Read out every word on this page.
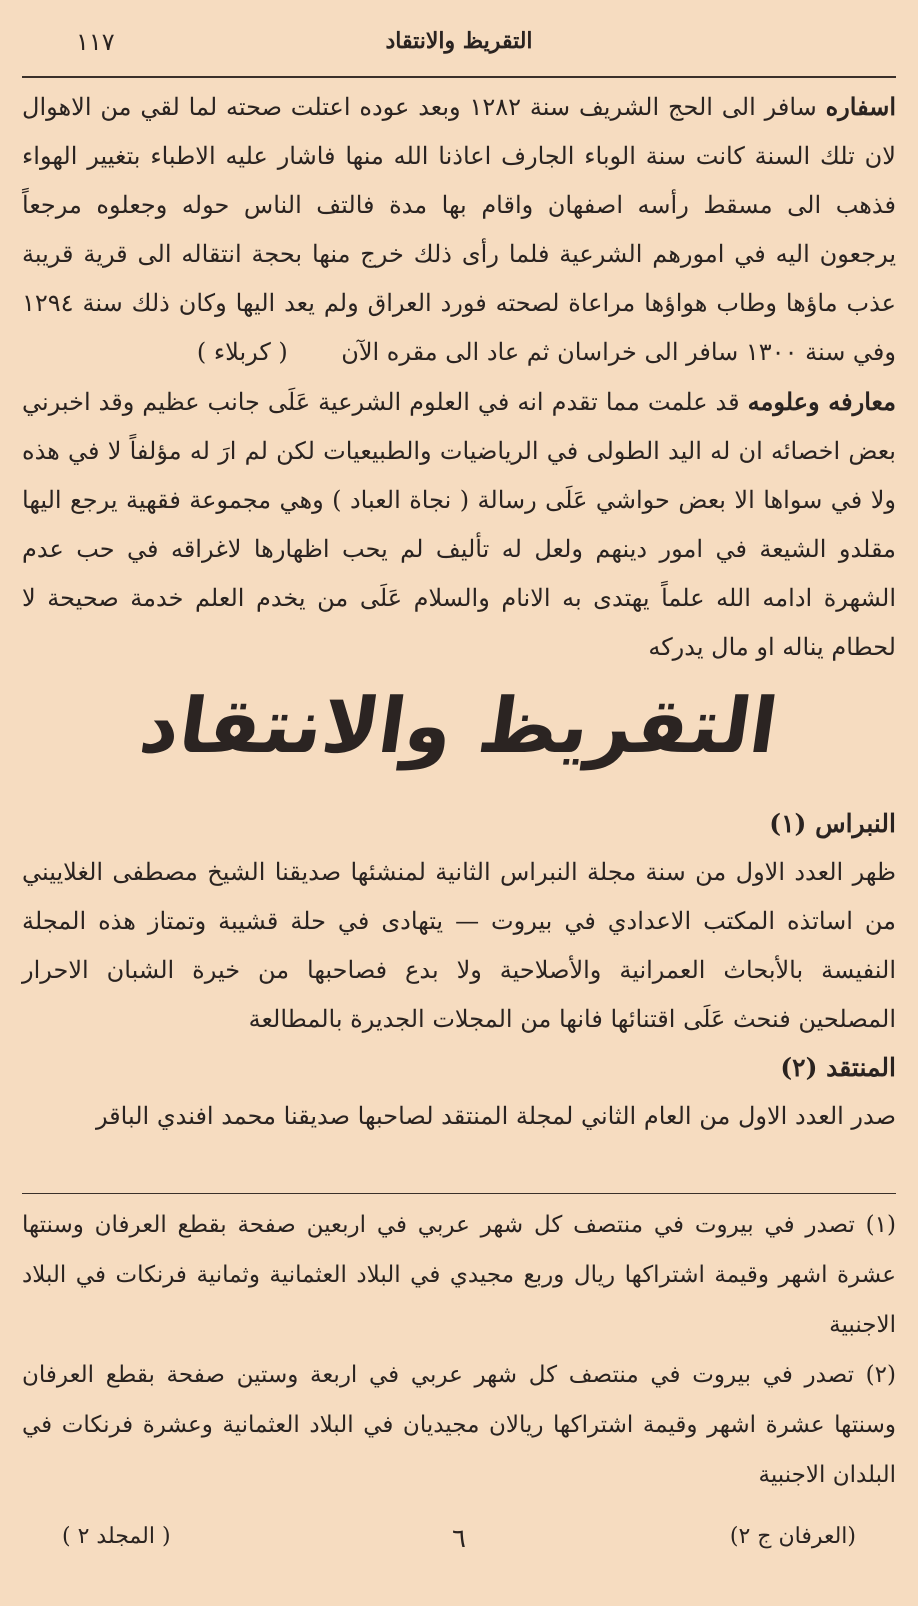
التقريظ والانتقاد
١١٧

اسفاره سافر الى الحج الشريف سنة ١٢٨٢ وبعد عوده اعتلت صحته لما لقي من الاهوال لان تلك السنة كانت سنة الوباء الجارف اعاذنا الله منها فاشار عليه الاطباء بتغيير الهواء فذهب الى مسقط رأسه اصفهان واقام بها مدة فالتف الناس حوله وجعلوه مرجعاً يرجعون اليه في امورهم الشرعية فلما رأى ذلك خرج منها بحجة انتقاله الى قرية قريبة عذب ماؤها وطاب هواؤها مراعاة لصحته فورد العراق ولم يعد اليها وكان ذلك سنة ١٢٩٤ وفي سنة ١٣٠٠ سافر الى خراسان ثم عاد الى مقره الآن       ( كربلاء )

معارفه وعلومه قد علمت مما تقدم انه في العلوم الشرعية عَلَى جانب عظيم وقد اخبرني بعض اخصائه ان له اليد الطولى في الرياضيات والطبيعيات لكن لم ارَ له مؤلفاً لا في هذه ولا في سواها الا بعض حواشي عَلَى رسالة ( نجاة العباد ) وهي مجموعة فقهية يرجع اليها مقلدو الشيعة في امور دينهم ولعل له تأليف لم يحب اظهارها لاغراقه في حب عدم الشهرة ادامه الله علماً يهتدى به الانام والسلام عَلَى من يخدم العلم خدمة صحيحة لا لحطام يناله او مال يدركه

التقريظ والانتقاد
النبراس (١)

ظهر العدد الاول من سنة مجلة النبراس الثانية لمنشئها صديقنا الشيخ مصطفى الغلاييني من اساتذه المكتب الاعدادي في بيروت — يتهادى في حلة قشيبة وتمتاز هذه المجلة النفيسة بالأبحاث العمرانية والأصلاحية ولا بدع فصاحبها من خيرة الشبان الاحرار المصلحين فنحث عَلَى اقتنائها فانها من المجلات الجديرة بالمطالعة

المنتقد (٢)

صدر العدد الاول من العام الثاني لمجلة المنتقد لصاحبها صديقنا محمد افندي الباقر

(١) تصدر في بيروت في منتصف كل شهر عربي في اربعين صفحة بقطع العرفان وسنتها عشرة اشهر وقيمة اشتراكها ريال وربع مجيدي في البلاد العثمانية وثمانية فرنكات في البلاد الاجنبية

(٢) تصدر في بيروت في منتصف كل شهر عربي في اربعة وستين صفحة بقطع العرفان وسنتها عشرة اشهر وقيمة اشتراكها ريالان مجيديان في البلاد العثمانية وعشرة فرنكات في البلدان الاجنبية

(العرفان ج ٢)
٦
( المجلد ٢ )
